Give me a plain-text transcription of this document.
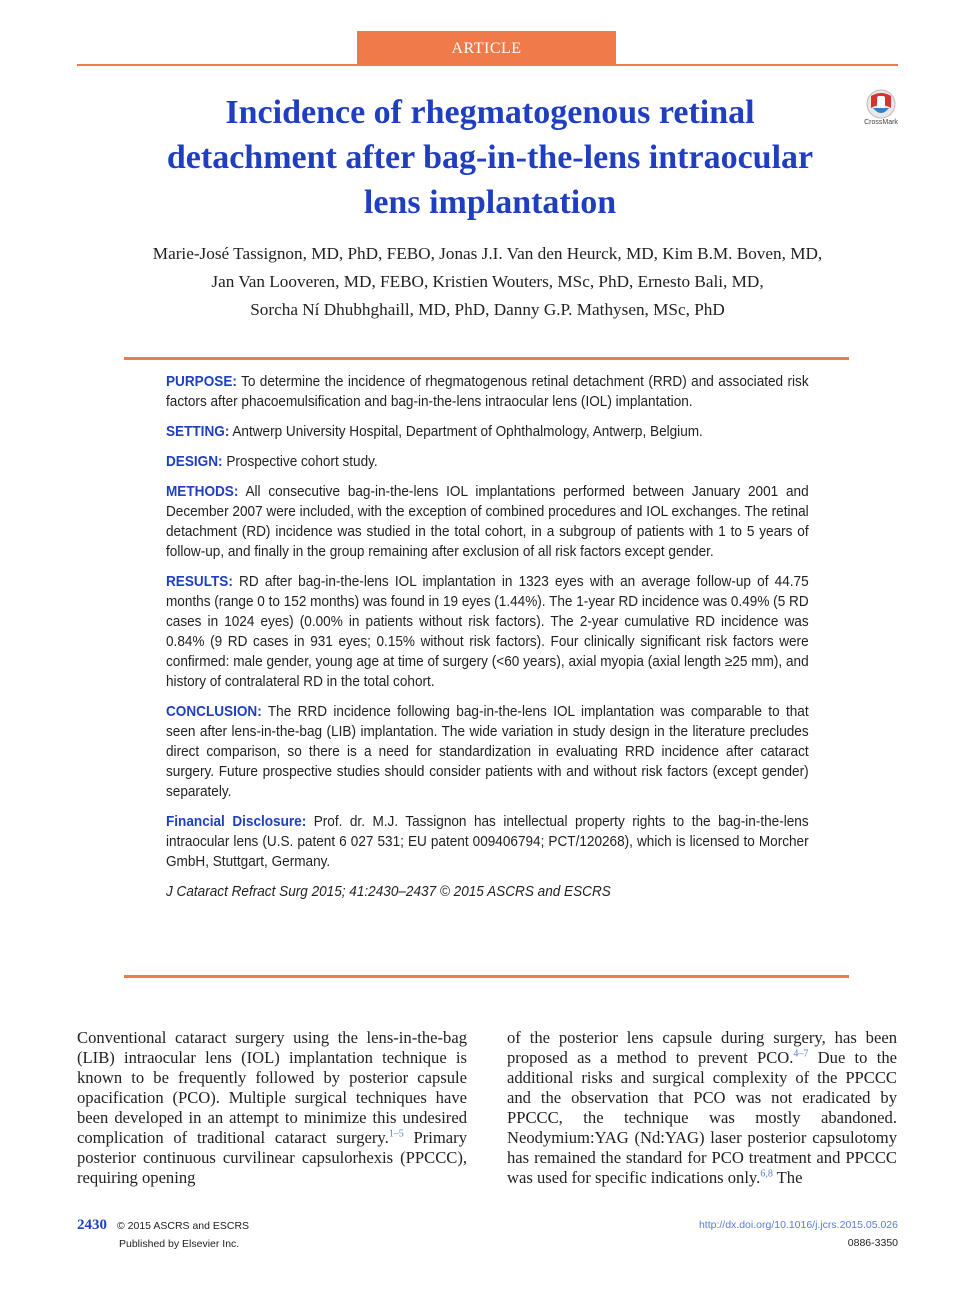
ARTICLE
Incidence of rhegmatogenous retinal detachment after bag-in-the-lens intraocular lens implantation
CrossMark
Marie-José Tassignon, MD, PhD, FEBO, Jonas J.I. Van den Heurck, MD, Kim B.M. Boven, MD,
Jan Van Looveren, MD, FEBO, Kristien Wouters, MSc, PhD, Ernesto Bali, MD,
Sorcha Ní Dhubhghaill, MD, PhD, Danny G.P. Mathysen, MSc, PhD

PURPOSE: To determine the incidence of rhegmatogenous retinal detachment (RRD) and associated risk factors after phacoemulsification and bag-in-the-lens intraocular lens (IOL) implantation.

SETTING: Antwerp University Hospital, Department of Ophthalmology, Antwerp, Belgium.

DESIGN: Prospective cohort study.

METHODS: All consecutive bag-in-the-lens IOL implantations performed between January 2001 and December 2007 were included, with the exception of combined procedures and IOL exchanges. The retinal detachment (RD) incidence was studied in the total cohort, in a subgroup of patients with 1 to 5 years of follow-up, and finally in the group remaining after exclusion of all risk factors except gender.

RESULTS: RD after bag-in-the-lens IOL implantation in 1323 eyes with an average follow-up of 44.75 months (range 0 to 152 months) was found in 19 eyes (1.44%). The 1-year RD incidence was 0.49% (5 RD cases in 1024 eyes) (0.00% in patients without risk factors). The 2-year cumulative RD incidence was 0.84% (9 RD cases in 931 eyes; 0.15% without risk factors). Four clinically significant risk factors were confirmed: male gender, young age at time of surgery (<60 years), axial myopia (axial length ≥25 mm), and history of contralateral RD in the total cohort.

CONCLUSION: The RRD incidence following bag-in-the-lens IOL implantation was comparable to that seen after lens-in-the-bag (LIB) implantation. The wide variation in study design in the literature precludes direct comparison, so there is a need for standardization in evaluating RRD incidence after cataract surgery. Future prospective studies should consider patients with and without risk factors (except gender) separately.

Financial Disclosure: Prof. dr. M.J. Tassignon has intellectual property rights to the bag-in-the-lens intraocular lens (U.S. patent 6 027 531; EU patent 009406794; PCT/120268), which is licensed to Morcher GmbH, Stuttgart, Germany.

J Cataract Refract Surg 2015; 41:2430–2437 © 2015 ASCRS and ESCRS

Conventional cataract surgery using the lens-in-the-bag (LIB) intraocular lens (IOL) implantation technique is known to be frequently followed by posterior capsule opacification (PCO). Multiple surgical techniques have been developed in an attempt to minimize this undesired complication of traditional cataract surgery.$^{1-5}$ Primary posterior continuous curvilinear capsulorhexis (PPCCC), requiring opening

of the posterior lens capsule during surgery, has been proposed as a method to prevent PCO.$^{4-7}$ Due to the additional risks and surgical complexity of the PPCCC and the observation that PCO was not eradicated by PPCCC, the technique was mostly abandoned. Neodymium:YAG (Nd:YAG) laser posterior capsulotomy has remained the standard for PCO treatment and PPCCC was used for specific indications only.$^{6,8}$ The

2430 © 2015 ASCRS and ESCRS
Published by Elsevier Inc.
http://dx.doi.org/10.1016/j.jcrs.2015.05.026
0886-3350
